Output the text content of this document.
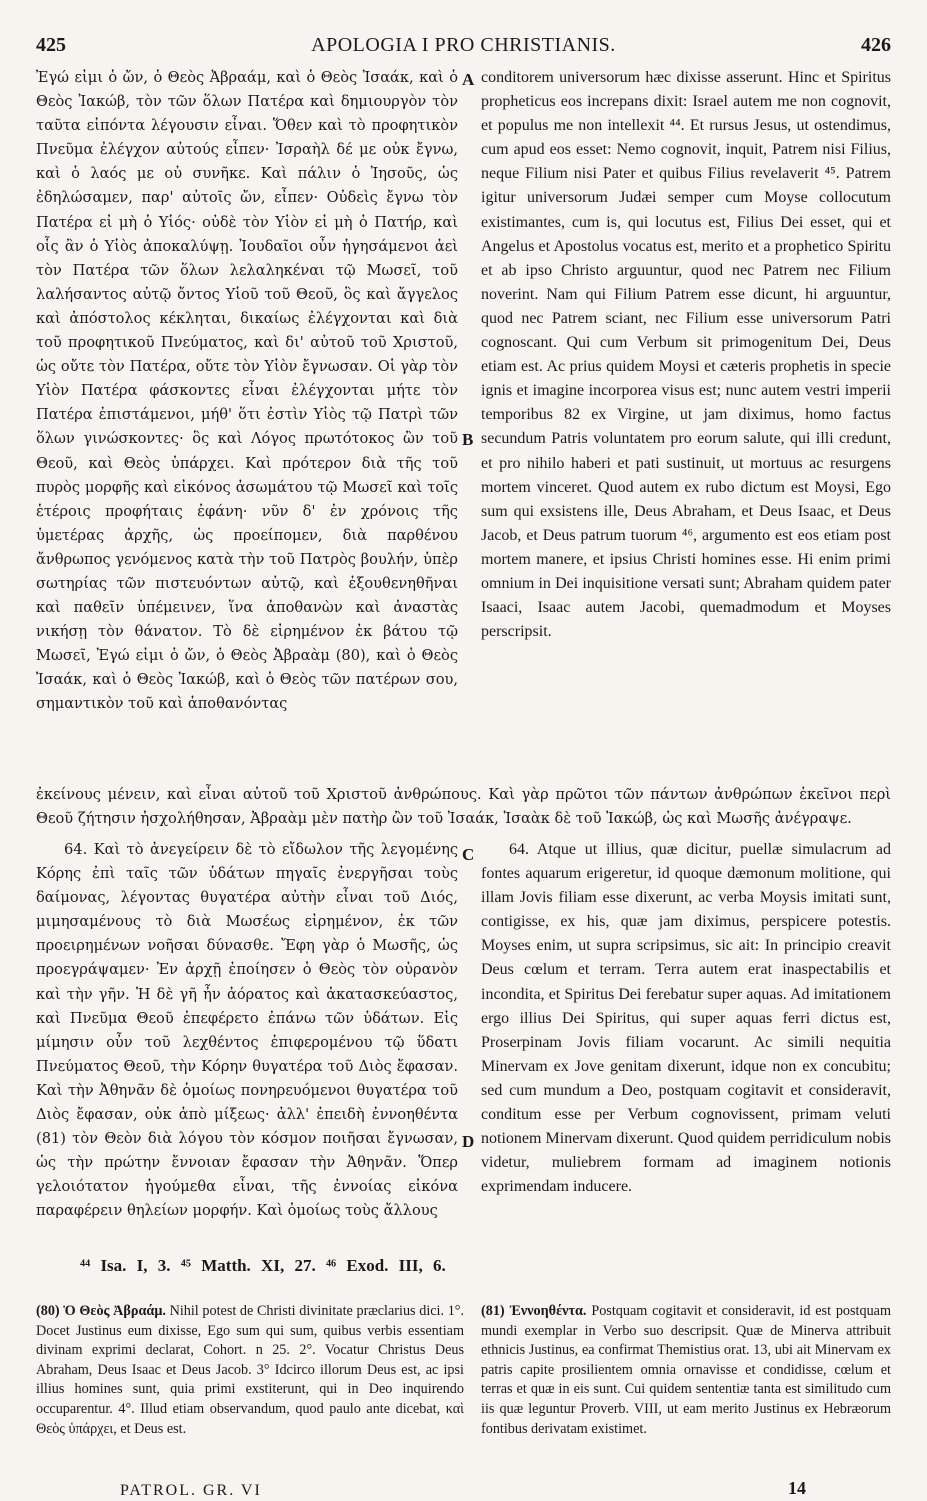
425	APOLOGIA I PRO CHRISTIANIS.	426

Ἐγώ εἰμι ὁ ὤν, ὁ Θεὸς Ἀβραάμ, καὶ ὁ Θεὸς Ἰσαάκ, καὶ ὁ Θεὸς Ἰακώβ, τὸν τῶν ὅλων Πατέρα καὶ δημιουργὸν τὸν ταῦτα εἰπόντα λέγουσιν εἶναι. Ὅθεν καὶ τὸ προφητικὸν Πνεῦμα ἐλέγχον αὐτούς εἶπεν· Ἰσραὴλ δέ με οὐκ ἔγνω, καὶ ὁ λαός με οὐ συνῆκε. Καὶ πάλιν ὁ Ἰησοῦς, ὡς ἐδηλώσαμεν, παρ' αὐτοῖς ὤν, εἶπεν· Οὐδεὶς ἔγνω τὸν Πατέρα εἰ μὴ ὁ Υἱός· οὐδὲ τὸν Υἱὸν εἰ μὴ ὁ Πατήρ, καὶ οἷς ἂν ὁ Υἱὸς ἀποκαλύψῃ. Ἰουδαῖοι οὖν ἡγησάμενοι ἀεὶ τὸν Πατέρα τῶν ὅλων λελαληκέναι τῷ Μωσεῖ, τοῦ λαλήσαντος αὐτῷ ὄντος Υἱοῦ τοῦ Θεοῦ, ὃς καὶ ἄγγελος καὶ ἀπόστολος κέκληται, δικαίως ἐλέγχονται καὶ διὰ τοῦ προφητικοῦ Πνεύματος, καὶ δι' αὐτοῦ τοῦ Χριστοῦ, ὡς οὔτε τὸν Πατέρα, οὔτε τὸν Υἱὸν ἔγνωσαν. Οἱ γὰρ τὸν Υἱὸν Πατέρα φάσκοντες εἶναι ἐλέγχονται μήτε τὸν Πατέρα ἐπιστάμενοι, μήθ' ὅτι ἐστὶν Υἱὸς τῷ Πατρὶ τῶν ὅλων γινώσκοντες· ὃς καὶ Λόγος πρωτότοκος ὢν τοῦ Θεοῦ, καὶ Θεὸς ὑπάρχει. Καὶ πρότερον διὰ τῆς τοῦ πυρὸς μορφῆς καὶ εἰκόνος ἀσωμάτου τῷ Μωσεῖ καὶ τοῖς ἑτέροις προφήταις ἐφάνη· νῦν δ' ἐν χρόνοις τῆς ὑμετέρας ἀρχῆς, ὡς προείπομεν, διὰ παρθένου ἄνθρωπος γενόμενος κατὰ τὴν τοῦ Πατρὸς βουλήν, ὑπὲρ σωτηρίας τῶν πιστευόντων αὐτῷ, καὶ ἐξουθενηθῆναι καὶ παθεῖν ὑπέμεινεν, ἵνα ἀποθανὼν καὶ ἀναστὰς νικήσῃ τὸν θάνατον. Τὸ δὲ εἰρημένον ἐκ βάτου τῷ Μωσεῖ, Ἐγώ εἰμι ὁ ὤν, ὁ Θεὸς Ἀβραὰμ (80), καὶ ὁ Θεὸς Ἰσαάκ, καὶ ὁ Θεὸς Ἰακώβ, καὶ ὁ Θεὸς τῶν πατέρων σου, σημαντικὸν τοῦ καὶ ἀποθανόντας

conditorem universorum hæc dixisse asserunt. Hinc et Spiritus propheticus eos increpans dixit: Israel autem me non cognovit, et populus me non intellexit ⁴⁴. Et rursus Jesus, ut ostendimus, cum apud eos esset: Nemo cognovit, inquit, Patrem nisi Filius, neque Filium nisi Pater et quibus Filius revelaverit ⁴⁵. Patrem igitur universorum Judæi semper cum Moyse collocutum existimantes, cum is, qui locutus est, Filius Dei esset, qui et Angelus et Apostolus vocatus est, merito et a prophetico Spiritu et ab ipso Christo arguuntur, quod nec Patrem nec Filium noverint. Nam qui Filium Patrem esse dicunt, hi arguuntur, quod nec Patrem sciant, nec Filium esse universorum Patri cognoscant. Qui cum Verbum sit primogenitum Dei, Deus etiam est. Ac prius quidem Moysi et cæteris prophetis in specie ignis et imagine incorporea visus est; nunc autem vestri imperii temporibus 82 ex Virgine, ut jam diximus, homo factus secundum Patris voluntatem pro eorum salute, qui illi credunt, et pro nihilo haberi et pati sustinuit, ut mortuus ac resurgens mortem vinceret. Quod autem ex rubo dictum est Moysi, Ego sum qui exsistens ille, Deus Abraham, et Deus Isaac, et Deus Jacob, et Deus patrum tuorum ⁴⁶, argumento est eos etiam post mortem manere, et ipsius Christi homines esse. Hi enim primi omnium in Dei inquisitione versati sunt; Abraham quidem pater Isaaci, Isaac autem Jacobi, quemadmodum et Moyses perscripsit.

A
B

ἐκείνους μένειν, καὶ εἶναι αὐτοῦ τοῦ Χριστοῦ ἀνθρώπους. Καὶ γὰρ πρῶτοι τῶν πάντων ἀνθρώπων ἐκεῖνοι περὶ Θεοῦ ζήτησιν ἠσχολήθησαν, Ἀβραὰμ μὲν πατὴρ ὢν τοῦ Ἰσαάκ, Ἰσαὰκ δὲ τοῦ Ἰακώβ, ὡς καὶ Μωσῆς ἀνέγραψε.

C

64. Καὶ τὸ ἀνεγείρειν δὲ τὸ εἴδωλον τῆς λεγομένης Κόρης ἐπὶ ταῖς τῶν ὑδάτων πηγαῖς ἐνεργῆσαι τοὺς δαίμονας, λέγοντας θυγατέρα αὐτὴν εἶναι τοῦ Διός, μιμησαμένους τὸ διὰ Μωσέως εἰρημένον, ἐκ τῶν προειρημένων νοῆσαι δύνασθε. Ἔφη γὰρ ὁ Μωσῆς, ὡς προεγράψαμεν· Ἐν ἀρχῇ ἐποίησεν ὁ Θεὸς τὸν οὐρανὸν καὶ τὴν γῆν. Ἡ δὲ γῆ ἦν ἀόρατος καὶ ἀκατασκεύαστος, καὶ Πνεῦμα Θεοῦ ἐπεφέρετο ἐπάνω τῶν ὑδάτων. Εἰς μίμησιν οὖν τοῦ λεχθέντος ἐπιφερομένου τῷ ὕδατι Πνεύματος Θεοῦ, τὴν Κόρην θυγατέρα τοῦ Διὸς ἔφασαν. Καὶ τὴν Ἀθηνᾶν δὲ ὁμοίως πονηρευόμενοι θυγατέρα τοῦ Διὸς ἔφασαν, οὐκ ἀπὸ μίξεως· ἀλλ' ἐπειδὴ ἐννοηθέντα (81) τὸν Θεὸν διὰ λόγου τὸν κόσμον ποιῆσαι ἔγνωσαν, ὡς τὴν πρώτην ἔννοιαν ἔφασαν τὴν Ἀθηνᾶν. Ὅπερ γελοιότατον ἡγούμεθα εἶναι, τῆς ἐννοίας εἰκόνα παραφέρειν θηλείων μορφήν. Καὶ ὁμοίως τοὺς ἄλλους

64. Atque ut illius, quæ dicitur, puellæ simulacrum ad fontes aquarum erigeretur, id quoque dæmonum molitione, qui illam Jovis filiam esse dixerunt, ac verba Moysis imitati sunt, contigisse, ex his, quæ jam diximus, perspicere potestis. Moyses enim, ut supra scripsimus, sic ait: In principio creavit Deus cœlum et terram. Terra autem erat inaspectabilis et incondita, et Spiritus Dei ferebatur super aquas. Ad imitationem ergo illius Dei Spiritus, qui super aquas ferri dictus est, Proserpinam Jovis filiam vocarunt. Ac simili nequitia Minervam ex Jove genitam dixerunt, idque non ex concubitu; sed cum mundum a Deo, postquam cogitavit et consideravit, conditum esse per Verbum cognovissent, primam veluti notionem Minervam dixerunt. Quod quidem perridiculum nobis videtur, muliebrem formam ad imaginem notionis exprimendam inducere.

D
⁴⁴ Isa. I, 3. ⁴⁵ Matth. XI, 27. ⁴⁶ Exod. III, 6.
(80) Ὁ Θεὸς Ἀβραάμ. Nihil potest de Christi divinitate præclarius dici. 1°. Docet Justinus eum dixisse, Ego sum qui sum, quibus verbis essentiam divinam exprimi declarat, Cohort. n 25. 2°. Vocatur Christus Deus Abraham, Deus Isaac et Deus Jacob. 3° Idcirco illorum Deus est, ac ipsi illius homines sunt, quia primi exstiterunt, qui in Deo inquirendo occuparentur. 4°. Illud etiam observandum, quod paulo ante dicebat, καὶ Θεὸς ὑπάρχει, et Deus est.
(81) Ἐννοηθέντα. Postquam cogitavit et consideravit, id est postquam mundi exemplar in Verbo suo descripsit. Quæ de Minerva attribuit ethnicis Justinus, ea confirmat Themistius orat. 13, ubi ait Minervam ex patris capite prosilientem omnia ornavisse et condidisse, cœlum et terras et quæ in eis sunt. Cui quidem sententiæ tanta est similitudo cum iis quæ leguntur Proverb. VIII, ut eam merito Justinus ex Hebræorum fontibus derivatam existimet.
PATROL. GR. VI	14
